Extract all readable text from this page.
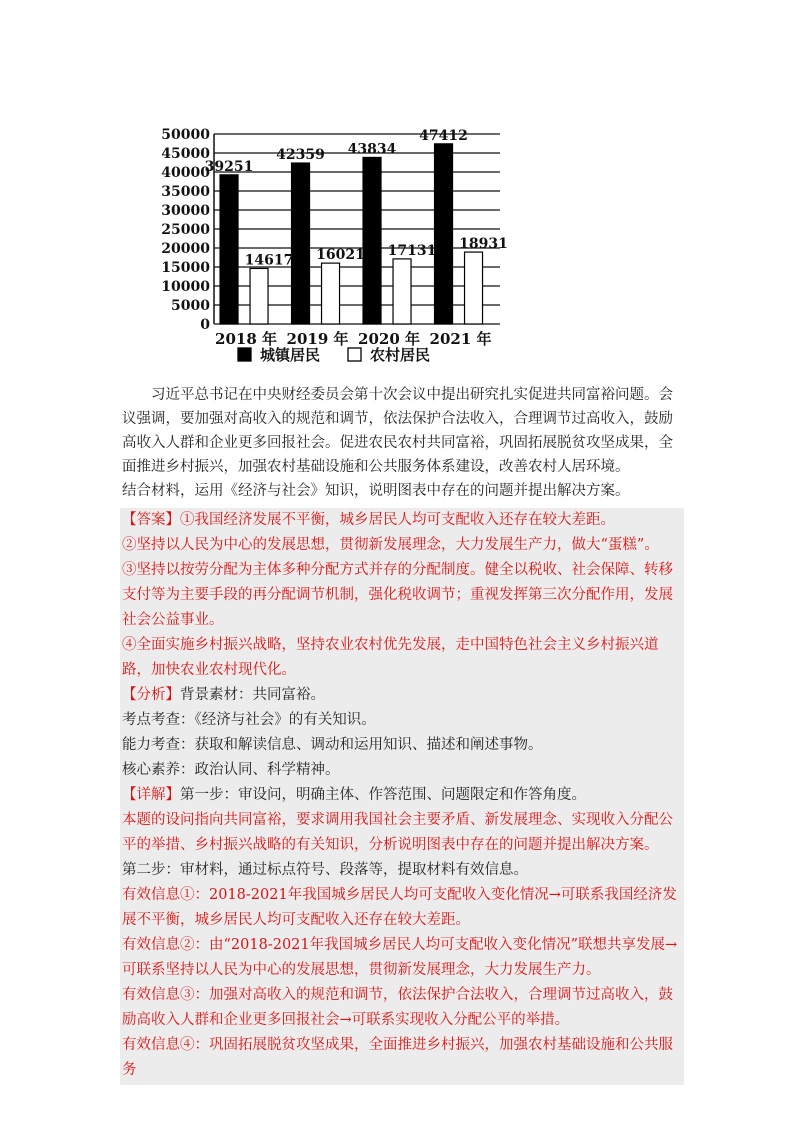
0
5000
10000
15000
20000
25000
30000
35000
40000
45000
50000
39251
14617
42359
16021
43834
17131
47412
18931
2018 年 2019 年 2020 年 2021 年
城镇居民	农村居民
习近平总书记在中央财经委员会第十次会议中提出研究扎实促进共同富裕问题。会议强调，要加强对高收入的规范和调节，依法保护合法收入，合理调节过高收入，鼓励高收入人群和企业更多回报社会。促进农民农村共同富裕，巩固拓展脱贫攻坚成果，全面推进乡村振兴，加强农村基础设施和公共服务体系建设，改善农村人居环境。
结合材料，运用《经济与社会》知识，说明图表中存在的问题并提出解决方案。

【答案】①我国经济发展不平衡，城乡居民人均可支配收入还存在较大差距。

②坚持以人民为中心的发展思想，贯彻新发展理念，大力发展生产力，做大“蛋糕”。

③坚持以按劳分配为主体多种分配方式并存的分配制度。健全以税收、社会保障、转移支付等为主要手段的再分配调节机制，强化税收调节；重视发挥第三次分配作用，发展社会公益事业。

④全面实施乡村振兴战略，坚持农业农村优先发展，走中国特色社会主义乡村振兴道路，加快农业农村现代化。

【分析】背景素材：共同富裕。

考点考查：《经济与社会》的有关知识。

能力考查：获取和解读信息、调动和运用知识、描述和阐述事物。

核心素养：政治认同、科学精神。

【详解】第一步：审设问，明确主体、作答范围、问题限定和作答角度。

本题的设问指向共同富裕，要求调用我国社会主要矛盾、新发展理念、实现收入分配公平的举措、乡村振兴战略的有关知识，分析说明图表中存在的问题并提出解决方案。

第二步：审材料，通过标点符号、段落等，提取材料有效信息。

有效信息①：2018-2021年我国城乡居民人均可支配收入变化情况→可联系我国经济发展不平衡，城乡居民人均可支配收入还存在较大差距。

有效信息②：由“2018-2021年我国城乡居民人均可支配收入变化情况”联想共享发展→可联系坚持以人民为中心的发展思想，贯彻新发展理念，大力发展生产力。

有效信息③：加强对高收入的规范和调节，依法保护合法收入，合理调节过高收入，鼓励高收入人群和企业更多回报社会→可联系实现收入分配公平的举措。

有效信息④：巩固拓展脱贫攻坚成果，全面推进乡村振兴，加强农村基础设施和公共服务
